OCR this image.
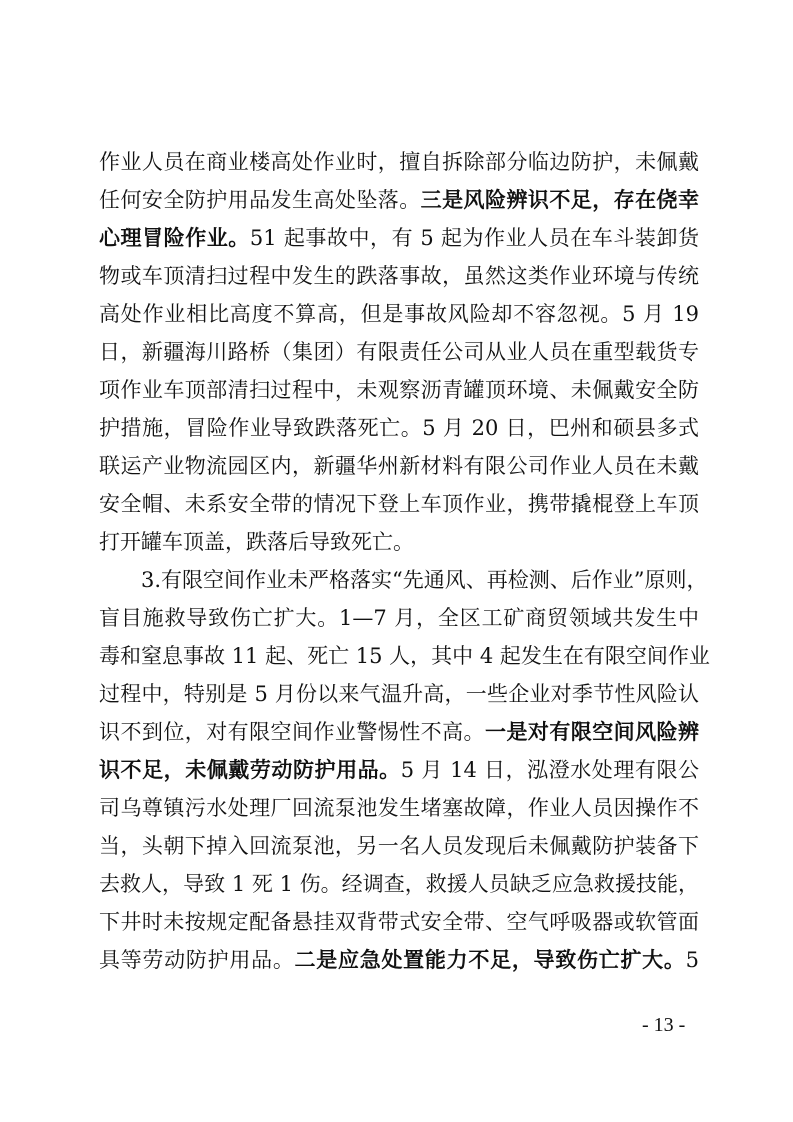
作业人员在商业楼高处作业时，擅自拆除部分临边防护，未佩戴
任何安全防护用品发生高处坠落。三是风险辨识不足，存在侥幸
心理冒险作业。51 起事故中，有 5 起为作业人员在车斗装卸货
物或车顶清扫过程中发生的跌落事故，虽然这类作业环境与传统
高处作业相比高度不算高，但是事故风险却不容忽视。5 月 19
日，新疆海川路桥（集团）有限责任公司从业人员在重型载货专
项作业车顶部清扫过程中，未观察沥青罐顶环境、未佩戴安全防
护措施，冒险作业导致跌落死亡。5 月 20 日，巴州和硕县多式
联运产业物流园区内，新疆华州新材料有限公司作业人员在未戴
安全帽、未系安全带的情况下登上车顶作业，携带撬棍登上车顶
打开罐车顶盖，跌落后导致死亡。
3.有限空间作业未严格落实“先通风、再检测、后作业”原则，
盲目施救导致伤亡扩大。1—7 月，全区工矿商贸领域共发生中
毒和窒息事故 11 起、死亡 15 人，其中 4 起发生在有限空间作业
过程中，特别是 5 月份以来气温升高，一些企业对季节性风险认
识不到位，对有限空间作业警惕性不高。一是对有限空间风险辨
识不足，未佩戴劳动防护用品。5 月 14 日，泓澄水处理有限公
司乌尊镇污水处理厂回流泵池发生堵塞故障，作业人员因操作不
当，头朝下掉入回流泵池，另一名人员发现后未佩戴防护装备下
去救人，导致 1 死 1 伤。经调查，救援人员缺乏应急救援技能，
下井时未按规定配备悬挂双背带式安全带、空气呼吸器或软管面
具等劳动防护用品。二是应急处置能力不足，导致伤亡扩大。5
- 13 -
